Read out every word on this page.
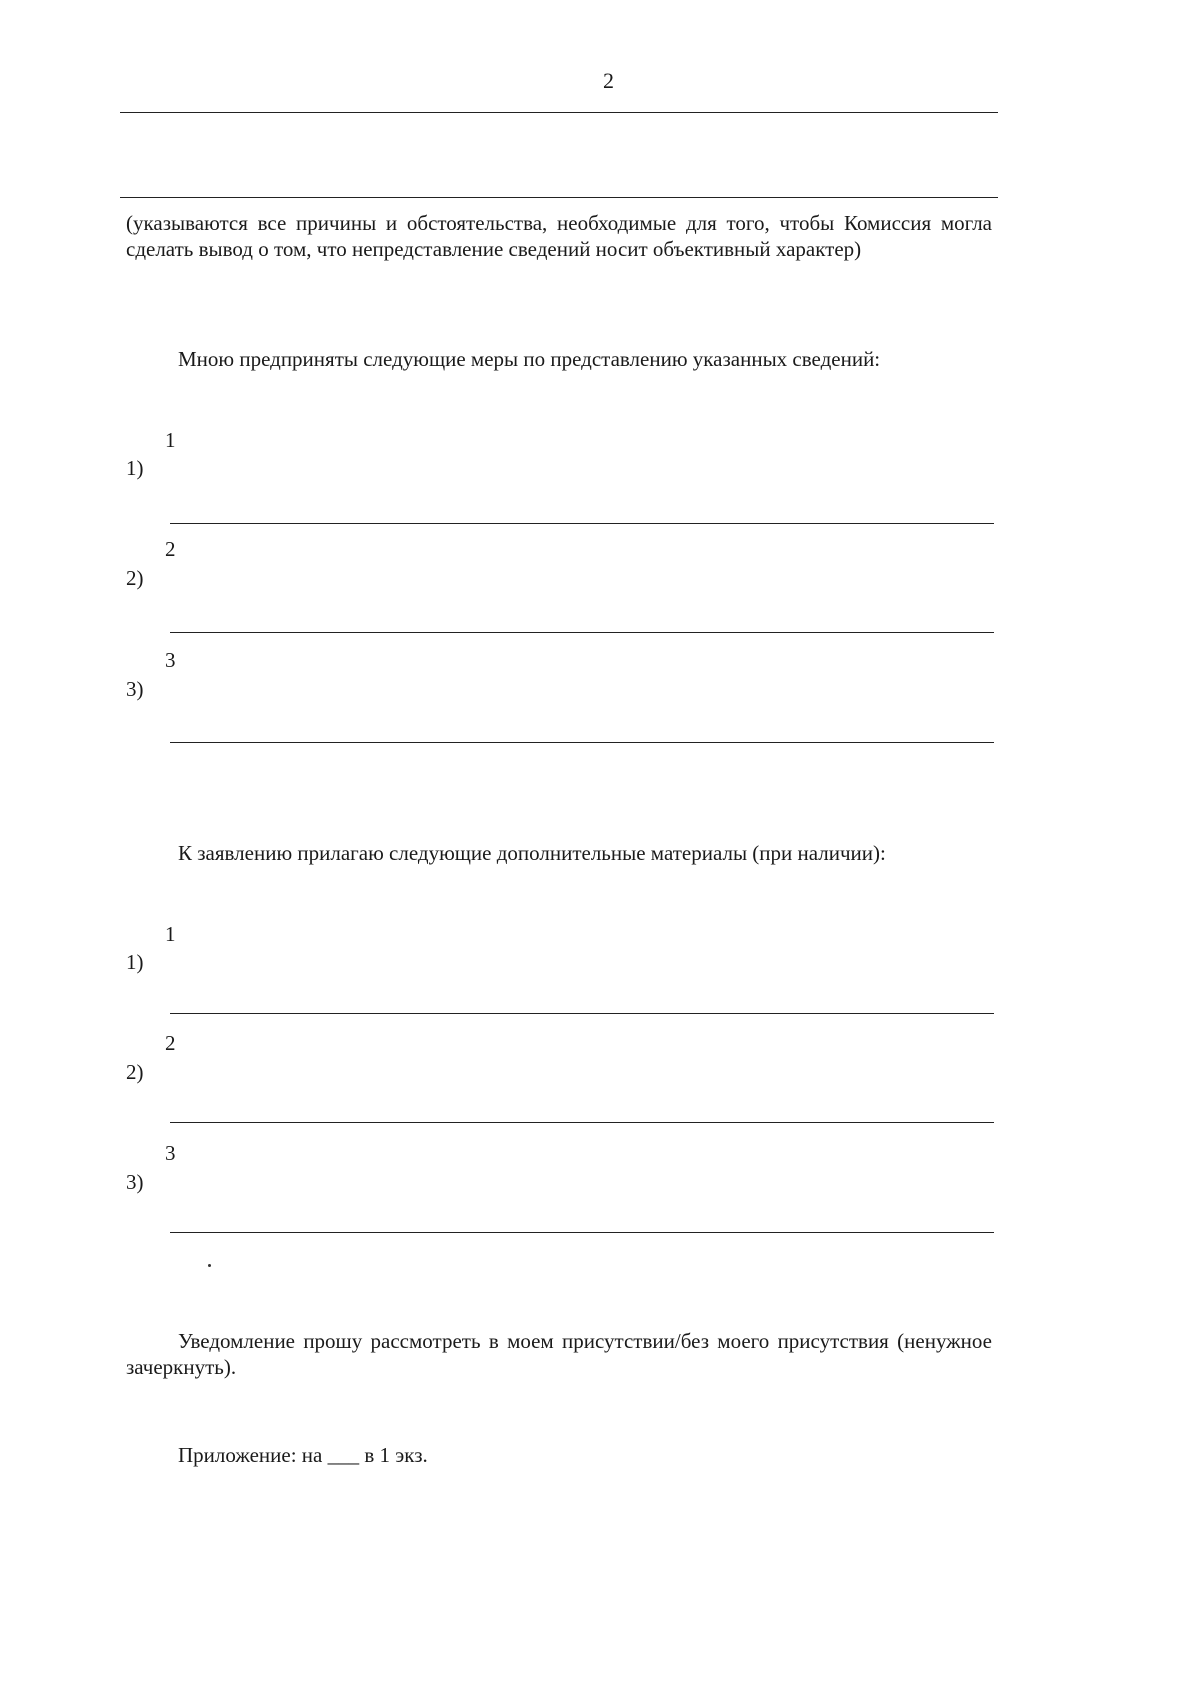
2
(указываются все причины и обстоятельства, необходимые для того, чтобы Комиссия могла сделать вывод о том, что непредставление сведений носит объективный характер)
Мною предприняты следующие меры по представлению указанных сведений:
1
1)
2
2)
3
3)
К заявлению прилагаю следующие дополнительные материалы (при наличии):
1
1)
2
2)
3
3)
Уведомление прошу рассмотреть в моем присутствии/без моего присутствия (ненужное зачеркнуть).
Приложение: на ___ в 1 экз.
